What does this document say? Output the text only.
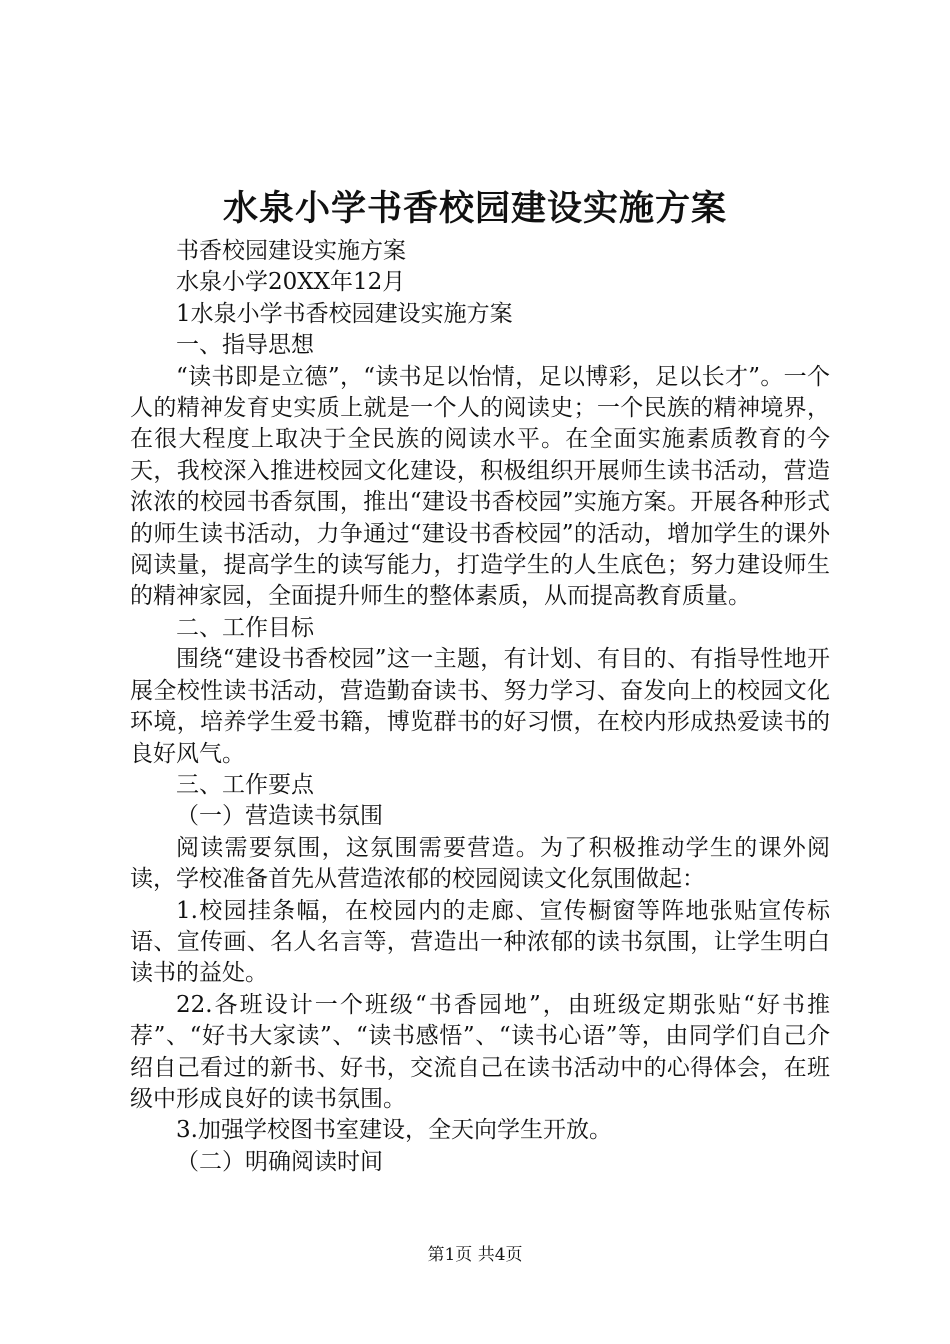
水泉小学书香校园建设实施方案

书香校园建设实施方案

水泉小学20XX年12月

1水泉小学书香校园建设实施方案

一、指导思想

“读书即是立德”，“读书足以怡情，足以博彩，足以长才”。一个人的精神发育史实质上就是一个人的阅读史；一个民族的精神境界，在很大程度上取决于全民族的阅读水平。在全面实施素质教育的今天，我校深入推进校园文化建设，积极组织开展师生读书活动，营造浓浓的校园书香氛围，推出“建设书香校园”实施方案。开展各种形式的师生读书活动，力争通过“建设书香校园”的活动，增加学生的课外阅读量，提高学生的读写能力，打造学生的人生底色；努力建设师生的精神家园，全面提升师生的整体素质，从而提高教育质量。

二、工作目标

围绕“建设书香校园”这一主题，有计划、有目的、有指导性地开展全校性读书活动，营造勤奋读书、努力学习、奋发向上的校园文化环境，培养学生爱书籍，博览群书的好习惯，在校内形成热爱读书的良好风气。

三、工作要点

（一）营造读书氛围

阅读需要氛围，这氛围需要营造。为了积极推动学生的课外阅读，学校准备首先从营造浓郁的校园阅读文化氛围做起：

1.校园挂条幅，在校园内的走廊、宣传橱窗等阵地张贴宣传标语、宣传画、名人名言等，营造出一种浓郁的读书氛围，让学生明白读书的益处。

22.各班设计一个班级“书香园地”，由班级定期张贴“好书推荐”、“好书大家读”、“读书感悟”、“读书心语”等，由同学们自己介绍自己看过的新书、好书，交流自己在读书活动中的心得体会，在班级中形成良好的读书氛围。

3.加强学校图书室建设，全天向学生开放。

（二）明确阅读时间

第1页 共4页
